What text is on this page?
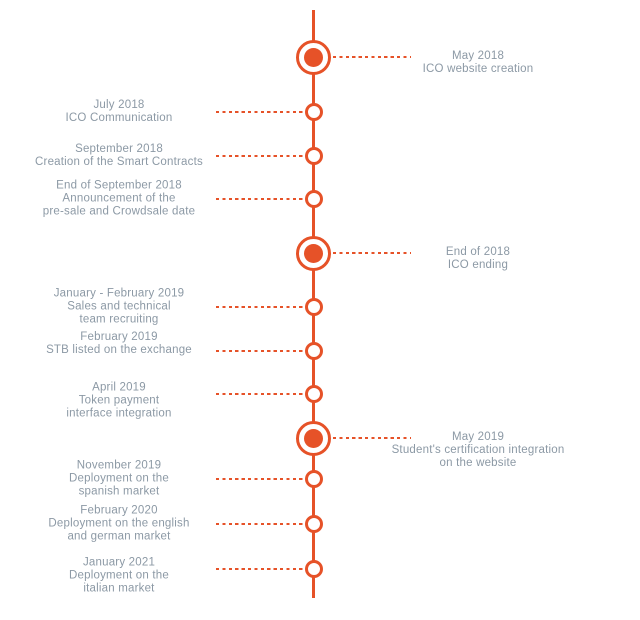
May 2018
ICO website creation
July 2018
ICO Communication
September 2018
Creation of the Smart Contracts
End of September 2018
Announcement of the
pre-sale and Crowdsale date
End of 2018
ICO ending
January - February 2019
Sales and technical
team recruiting
February 2019
STB listed on the exchange
April 2019
Token payment
interface integration
May 2019
Student's certification integration
on the website
November 2019
Deployment on the
spanish market
February 2020
Deployment on the english
and german market
January 2021
Deployment on the
italian market
